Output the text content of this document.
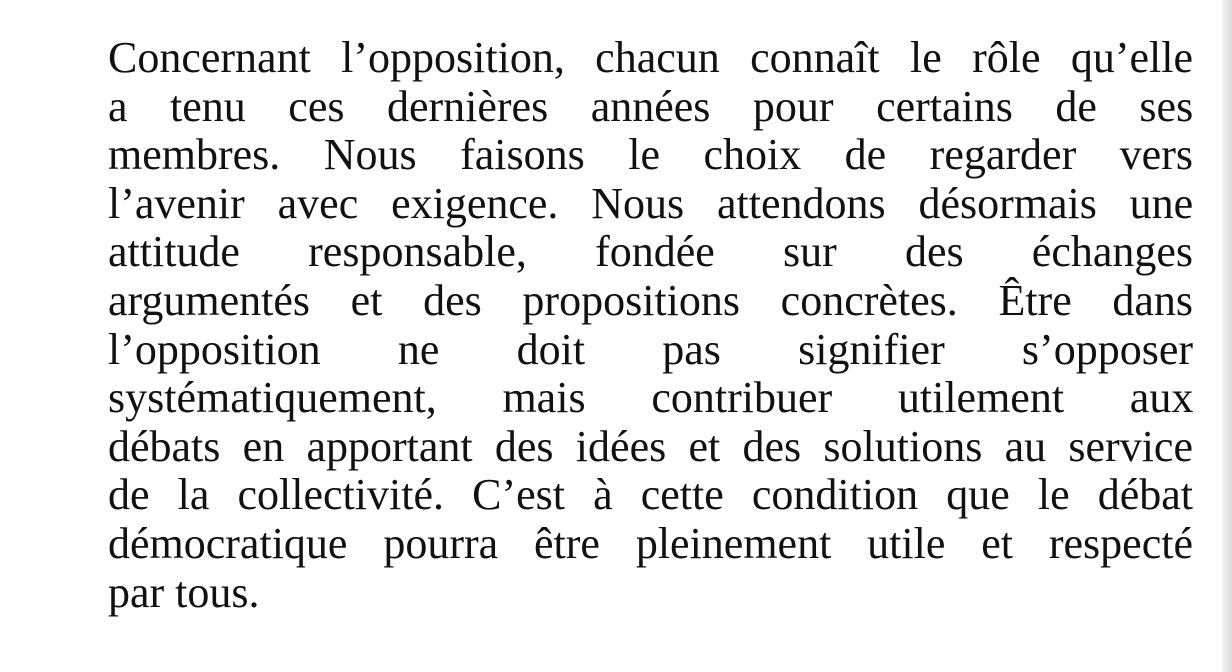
Concernant l’opposition, chacun connaît le rôle qu’elle
a tenu ces dernières années pour certains de ses
membres. Nous faisons le choix de regarder vers
l’avenir avec exigence. Nous attendons désormais une
attitude responsable, fondée sur des échanges
argumentés et des propositions concrètes. Être dans
l’opposition ne doit pas signifier s’opposer
systématiquement, mais contribuer utilement aux
débats en apportant des idées et des solutions au service
de la collectivité. C’est à cette condition que le débat
démocratique pourra être pleinement utile et respecté
par tous.
